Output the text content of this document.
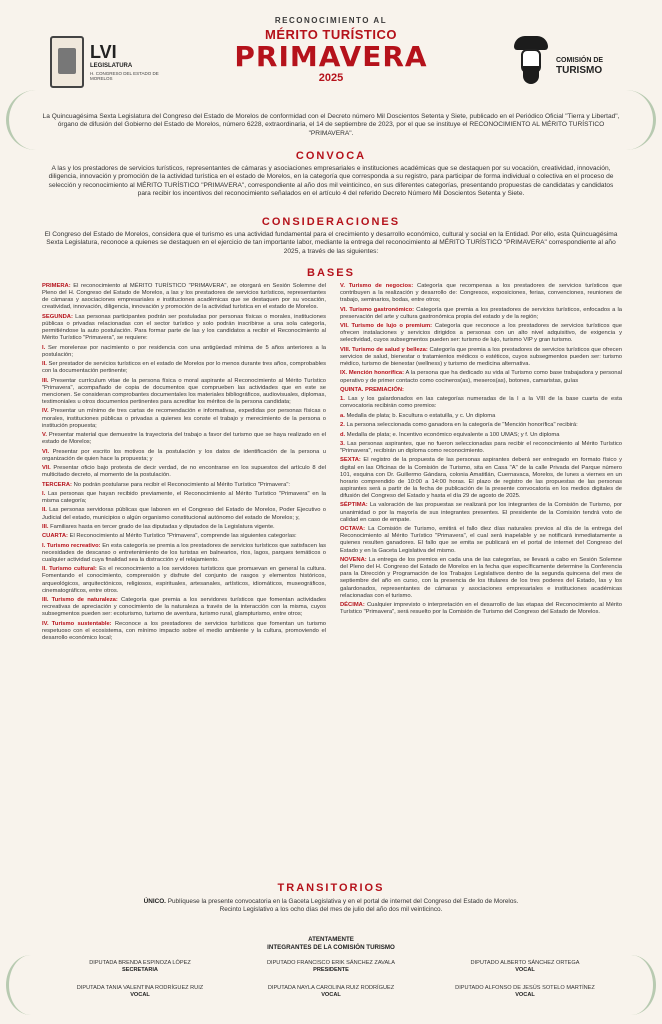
LVI
LEGISLATURA
H. CONGRESO DEL ESTADO DE MORELOS
RECONOCIMIENTO AL
MÉRITO TURÍSTICO
PRIMAVERA
2025
COMISIÓN DE
TURISMO
La Quincuagésima Sexta Legislatura del Congreso del Estado de Morelos de conformidad con el Decreto número Mil Doscientos Setenta y Siete, publicado en el Periódico Oficial "Tierra y Libertad", órgano de difusión del Gobierno del Estado de Morelos, número 6228, extraordinaria, el 14 de septiembre de 2023, por el que se instituye el RECONOCIMIENTO AL MÉRITO TURÍSTICO "PRIMAVERA".
CONVOCA
A las y los prestadores de servicios turísticos, representantes de cámaras y asociaciones empresariales e instituciones académicas que se destaquen por su vocación, creatividad, innovación, diligencia, innovación y promoción de la actividad turística en el estado de Morelos, en la categoría que corresponda a su registro, para participar de forma individual o colectiva en el proceso de selección y reconocimiento al MÉRITO TURÍSTICO "PRIMAVERA", correspondiente al año dos mil veinticinco, en sus diferentes categorías, presentando propuestas de candidatas y candidatos para recibir los incentivos del reconocimiento señalados en el artículo 4 del referido Decreto Número Mil Doscientos Setenta y Siete.
CONSIDERACIONES
El Congreso del Estado de Morelos, considera que el turismo es una actividad fundamental para el crecimiento y desarrollo económico, cultural y social en la Entidad. Por ello, esta Quincuagésima Sexta Legislatura, reconoce a quienes se destaquen en el ejercicio de tan importante labor, mediante la entrega del reconocimiento al MÉRITO TURÍSTICO "PRIMAVERA" correspondiente al año 2025, a través de las siguientes:
BASES
PRIMERA: El reconocimiento al MÉRITO TURÍSTICO "PRIMAVERA", se otorgará en Sesión Solemne del Pleno del H. Congreso del Estado de Morelos, a las y los prestadores de servicios turísticos, representantes de cámaras y asociaciones empresariales e instituciones académicas que se destaquen por su vocación, creatividad, innovación, diligencia, innovación y promoción de la actividad turística en el estado de Morelos.
SEGUNDA: Las personas participantes podrán ser postuladas por personas físicas o morales, instituciones públicas o privadas relacionadas con el sector turístico y solo podrán inscribirse a una sola categoría, permitiéndose la auto postulación. Para formar parte de las y los candidatos a recibir el Reconocimiento al Mérito Turístico "Primavera", se requiere:
I. Ser morelense por nacimiento o por residencia con una antigüedad mínima de 5 años anteriores a la postulación;
II. Ser prestador de servicios turísticos en el estado de Morelos por lo menos durante tres años, comprobables con la documentación pertinente;
III. Presentar currículum vitae de la persona física o moral aspirante al Reconocimiento al Mérito Turístico "Primavera", acompañado de copia de documentos que comprueben las actividades que en este se mencionen. Se consideran comprobantes documentales los materiales bibliográficos, audiovisuales, diplomas, testimoniales u otros documentos pertinentes para acreditar los méritos de la persona candidata;
IV. Presentar un mínimo de tres cartas de recomendación e informativas, expedidas por personas físicas o morales, instituciones públicas o privadas a quienes les conste el trabajo y merecimiento de la persona o institución propuesta;
V. Presentar material que demuestre la trayectoria del trabajo a favor del turismo que se haya realizado en el estado de Morelos;
VI. Presentar por escrito los motivos de la postulación y los datos de identificación de la persona u organización de quien hace la propuesta; y
VII. Presentar oficio bajo protesta de decir verdad, de no encontrarse en los supuestos del artículo 8 del multicitado decreto, al momento de la postulación.
TERCERA: No podrán postularse para recibir el Reconocimiento al Mérito Turístico "Primavera":
I. Las personas que hayan recibido previamente, el Reconocimiento al Mérito Turístico "Primavera" en la misma categoría;
II. Las personas servidoras públicas que laboren en el Congreso del Estado de Morelos, Poder Ejecutivo o Judicial del estado, municipios o algún organismo constitucional autónomo del estado de Morelos; y,
III. Familiares hasta en tercer grado de las diputadas y diputados de la Legislatura vigente.
CUARTA: El Reconocimiento al Mérito Turístico "Primavera", comprende las siguientes categorías:
I. Turismo recreativo: En esta categoría se premia a los prestadores de servicios turísticos que satisfacen las necesidades de descanso o entretenimiento de los turistas en balnearios, ríos, lagos, parques temáticos o cualquier actividad cuya finalidad sea la distracción y el relajamiento.
II. Turismo cultural: Es el reconocimiento a los servidores turísticos que promuevan en general la cultura. Fomentando el conocimiento, comprensión y disfrute del conjunto de rasgos y elementos históricos, arqueológicos, arquitectónicos, religiosos, espirituales, artesanales, artísticos, idiomáticos, museográficos, cinematográficos, entre otros.
III. Turismo de naturaleza: Categoría que premia a los servidores turísticos que fomentan actividades recreativas de apreciación y conocimiento de la naturaleza a través de la interacción con la misma, cuyos subsegmentos pueden ser: ecoturismo, turismo de aventura, turismo rural, glampturismo, entre otros;
IV. Turismo sustentable: Reconoce a los prestadores de servicios turísticos que fomentan un turismo respetuoso con el ecosistema, con mínimo impacto sobre el medio ambiente y la cultura, promoviendo el desarrollo económico local;
V. Turismo de negocios: Categoría que recompensa a los prestadores de servicios turísticos que contribuyen a la realización y desarrollo de: Congresos, exposiciones, ferias, convenciones, reuniones de trabajo, seminarios, bodas, entre otros;
VI. Turismo gastronómico: Categoría que premia a los prestadores de servicios turísticos, enfocados a la preservación del arte y cultura gastronómica propia del estado y de la región;
VII. Turismo de lujo o premium: Categoría que reconoce a los prestadores de servicios turísticos que ofrecen instalaciones y servicios dirigidos a personas con un alto nivel adquisitivo, de exigencia y selectividad, cuyos subsegmentos pueden ser: turismo de lujo, turismo VIP y gran turismo.
VIII. Turismo de salud y belleza: Categoría que premia a los prestadores de servicios turísticos que ofrecen servicios de salud, bienestar o tratamientos médicos o estéticos, cuyos subsegmentos pueden ser: turismo médico, turismo de bienestar (wellness) y turismo de medicina alternativa.
IX. Mención honorífica: A la persona que ha dedicado su vida al Turismo como base trabajadora y personal operativo y de primer contacto como cocineros(as), meseros(as), botones, camaristas, guías
QUINTA. PREMIACIÓN:
1. Las y los galardonados en las categorías numeradas de la I a la VIII de la base cuarta de esta convocatoria recibirán como premios:
a. Medalla de plata; b. Escultura o estatuilla, y c. Un diploma
2. La persona seleccionada como ganadora en la categoría de "Mención honorífica" recibirá:
d. Medalla de plata; e. Incentivo económico equivalente a 100 UMAS; y f. Un diploma
3. Las personas aspirantes, que no fueron seleccionadas para recibir el reconocimiento al Mérito Turístico "Primavera", recibirán un diploma como reconocimiento.
SEXTA: El registro de la propuesta de las personas aspirantes deberá ser entregado en formato físico y digital en las Oficinas de la Comisión de Turismo, sita en Casa "A" de la calle Privada del Parque número 101, esquina con Dr. Guillermo Gándara, colonia Amatitlán, Cuernavaca, Morelos, de lunes a viernes en un horario comprendido de 10:00 a 14:00 horas. El plazo de registro de las propuestas de las personas aspirantes será a partir de la fecha de publicación de la presente convocatoria en los medios digitales de difusión del Congreso del Estado y hasta el día 29 de agosto de 2025.
SÉPTIMA: La valoración de las propuestas se realizará por los integrantes de la Comisión de Turismo, por unanimidad o por la mayoría de sus integrantes presentes. El presidente de la Comisión tendrá voto de calidad en caso de empate.
OCTAVA: La Comisión de Turismo, emitirá el fallo diez días naturales previos al día de la entrega del Reconocimiento al Mérito Turístico "Primavera", el cual será inapelable y se notificará inmediatamente a quienes resulten ganadores. El fallo que se emita se publicará en el portal de internet del Congreso del Estado y en la Gaceta Legislativa del mismo.
NOVENA: La entrega de los premios en cada una de las categorías, se llevará a cabo en Sesión Solemne del Pleno del H. Congreso del Estado de Morelos en la fecha que específicamente determine la Conferencia para la Dirección y Programación de los Trabajos Legislativos dentro de la segunda quincena del mes de septiembre del año en curso, con la presencia de los titulares de los tres poderes del Estado, las y los galardonados, representantes de cámaras y asociaciones empresariales e instituciones académicas relacionadas con el turismo.
DÉCIMA: Cualquier imprevisto o interpretación en el desarrollo de las etapas del Reconocimiento al Mérito Turístico "Primavera", será resuelto por la Comisión de Turismo del Congreso del Estado de Morelos.
TRANSITORIOS
ÚNICO. Publíquese la presente convocatoria en la Gaceta Legislativa y en el portal de internet del Congreso del Estado de Morelos.
Recinto Legislativo a los ocho días del mes de julio del año dos mil veinticinco.
ATENTAMENTE
INTEGRANTES DE LA COMISIÓN TURISMO
DIPUTADA BRENDA ESPINOZA LÓPEZ
SECRETARIA
DIPUTADO FRANCISCO ERIK SÁNCHEZ ZAVALA
PRESIDENTE
DIPUTADO ALBERTO SÁNCHEZ ORTEGA
VOCAL
DIPUTADA TANIA VALENTINA RODRÍGUEZ RUIZ
VOCAL
DIPUTADA NAYLA CAROLINA RUIZ RODRÍGUEZ
VOCAL
DIPUTADO ALFONSO DE JESÚS SOTELO MARTÍNEZ
VOCAL
